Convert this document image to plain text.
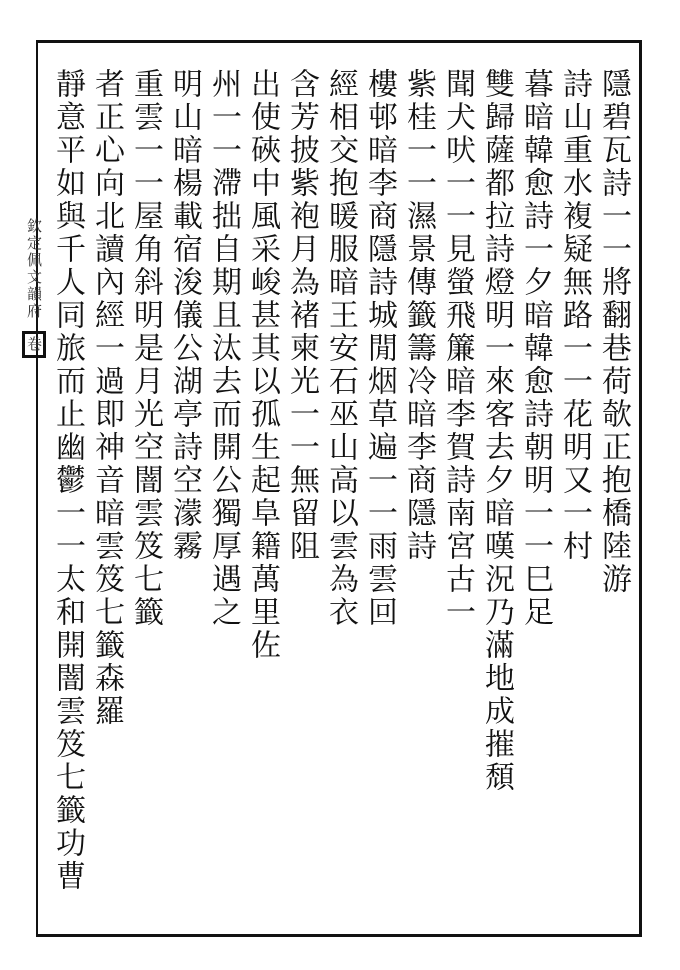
欽定佩文韻府 卷	隱碧瓦詩一一將翻巷荷欹正抱橋陸游
詩山重水複疑無路一一花明又一村
暮暗韓愈詩一夕暗韓愈詩朝明一一巳足
雙歸薩都拉詩燈明一來客去夕暗嘆況乃滿地成摧頹
聞犬吠一一見螢飛簾暗李賀詩南宮古一
紫桂一一濕景傳籤籌冷暗李商隱詩
樓邨暗李商隱詩城閒烟草遍一一雨雲回
經相交抱暖服暗王安石巫山高以雲為衣
含芳披紫袍月為褚柬光一一無留阻
出使硤中風采峻甚其以孤生起阜籍萬里佐
州一一滯拙自期且汰去而開公獨厚遇之
明山暗楊載宿浚儀公湖亭詩空濛霧
重雲一一屋角斜明是月光空闇雲笈七籤
者正心向北讀內經一過即神音暗雲笈七籤森羅
靜意平如與千人同旅而止幽鬱一一太和開闇雲笈七籤功曹
